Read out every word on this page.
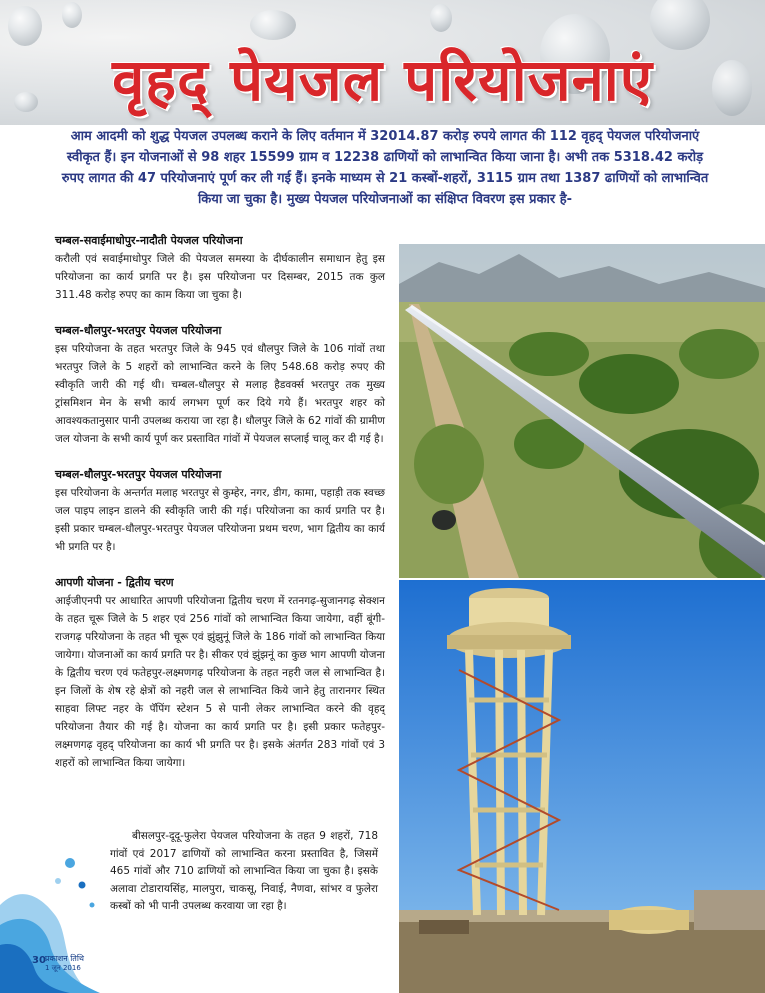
वृहद् पेयजल परियोजनाएं
आम आदमी को शुद्ध पेयजल उपलब्ध कराने के लिए वर्तमान में 32014.87 करोड़ रुपये लागत की 112 वृहद् पेयजल परियोजनाएं स्वीकृत हैं। इन योजनाओं से 98 शहर 15599 ग्राम व 12238 ढाणियों को लाभान्वित किया जाना है। अभी तक 5318.42 करोड़ रुपए लागत की 47 परियोजनाएं पूर्ण कर ली गई हैं। इनके माध्यम से 21 कस्बों-शहरों, 3115 ग्राम तथा 1387 ढाणियों को लाभान्वित किया जा चुका है। मुख्य पेयजल परियोजनाओं का संक्षिप्त विवरण इस प्रकार है-

चम्बल-सवाईमाधोपुर-नादौती पेयजल परियोजना

करौली एवं सवाईमाधोपुर जिले की पेयजल समस्या के दीर्घकालीन समाधान हेतु इस परियोजना का कार्य प्रगति पर है। इस परियोजना पर दिसम्बर, 2015 तक कुल 311.48 करोड़ रुपए का काम किया जा चुका है।

चम्बल-धौलपुर-भरतपुर पेयजल परियोजना

इस परियोजना के तहत भरतपुर जिले के 945 एवं धौलपुर जिले के 106 गांवों तथा भरतपुर जिले के 5 शहरों को लाभान्वित करने के लिए 548.68 करोड़ रुपए की स्वीकृति जारी की गई थी। चम्बल-धौलपुर से मलाह हैडवर्क्स भरतपुर तक मुख्य ट्रांसमिशन मेन के सभी कार्य लगभग पूर्ण कर दिये गये हैं। भरतपुर शहर को आवश्यकतानुसार पानी उपलब्ध कराया जा रहा है। धौलपुर जिले के 62 गांवों की ग्रामीण जल योजना के सभी कार्य पूर्ण कर प्रस्तावित गांवों में पेयजल सप्लाई चालू कर दी गई है।

चम्बल-धौलपुर-भरतपुर पेयजल परियोजना

इस परियोजना के अन्तर्गत मलाह भरतपुर से कुम्हेर, नगर, डीग, कामा, पहाड़ी तक स्वच्छ जल पाइप लाइन डालने की स्वीकृति जारी की गई। परियोजना का कार्य प्रगति पर है। इसी प्रकार चम्बल-धौलपुर-भरतपुर पेयजल परियोजना प्रथम चरण, भाग द्वितीय का कार्य भी प्रगति पर है।

आपणी योजना - द्वितीय चरण

आईजीएनपी पर आधारित आपणी परियोजना द्वितीय चरण में रतनगढ़-सुजानगढ़ सेक्शन के तहत चूरू जिले के 5 शहर एवं 256 गांवों को लाभान्वित किया जायेगा, वहीं बूंगी-राजगढ़ परियोजना के तहत भी चूरू एवं झुंझुनूं जिले के 186 गांवों को लाभान्वित किया जायेगा। योजनाओं का कार्य प्रगति पर है। सीकर एवं झुंझनूं का कुछ भाग आपणी योजना के द्वितीय चरण एवं फतेहपुर-लक्ष्मणगढ़ परियोजना के तहत नहरी जल से लाभान्वित है। इन जिलों के शेष रहे क्षेत्रों को नहरी जल से लाभान्वित किये जाने हेतु तारानगर स्थित साहवा लिफ्ट नहर के पॅपिंग स्टेशन 5 से पानी लेकर लाभान्वित करने की वृहद् परियोजना तैयार की गई है। योजना का कार्य प्रगति पर है। इसी प्रकार फतेहपुर-लक्ष्मणगढ़ वृहद् परियोजना का कार्य भी प्रगति पर है। इसके अंतर्गत 283 गांवों एवं 3 शहरों को लाभान्वित किया जायेगा।

बीसलपुर-दूदू-फुलेरा पेयजल परियोजना के तहत 9 शहरों, 718 गांवों एवं 2017 ढाणियों को लाभान्वित करना प्रस्तावित है, जिसमें 465 गांवों और 710 ढाणियों को लाभान्वित किया जा चुका है। इसके अलावा टोडारायसिंह, मालपुरा, चाकसू, निवाई, नैणवा, सांभर व फुलेरा कस्बों को भी पानी उपलब्ध करवाया जा रहा है।

30 प्रकाशन तिथि
1 जून 2016
